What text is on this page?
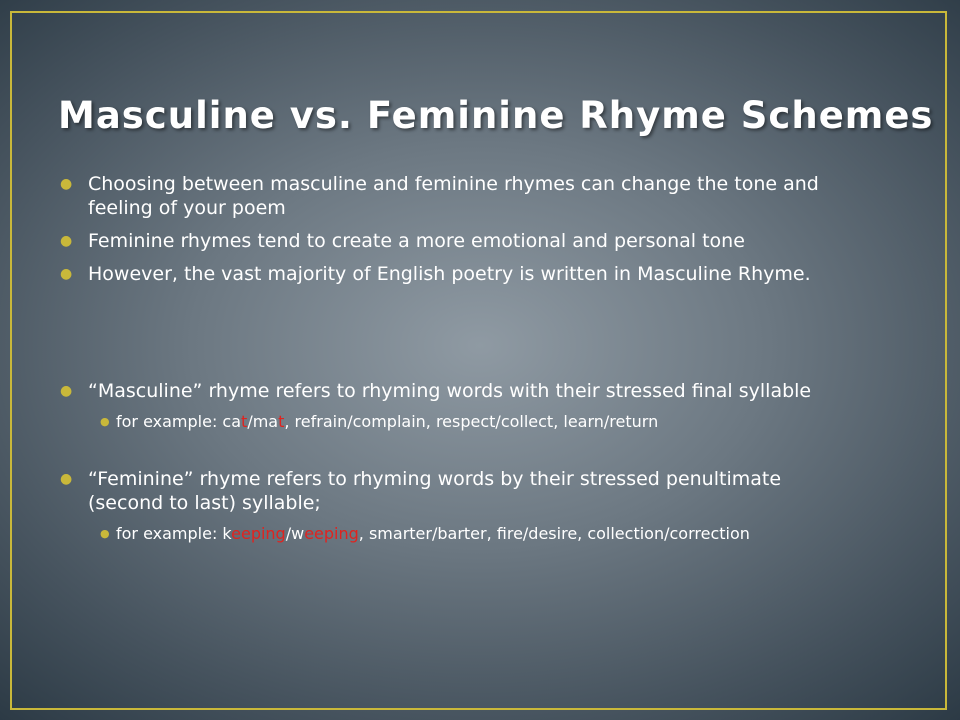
Masculine vs. Feminine Rhyme Schemes
● Choosing between masculine and feminine rhymes can change the tone and feeling of your poem
● Feminine rhymes tend to create a more emotional and personal tone
● However, the vast majority of English poetry is written in Masculine Rhyme.
● “Masculine” rhyme refers to rhyming words with their stressed final syllable
● for example: cat/mat, refrain/complain, respect/collect, learn/return
● “Feminine” rhyme refers to rhyming words by their stressed penultimate (second to last) syllable;
● for example: keeping/weeping, smarter/barter, fire/desire, collection/correction
